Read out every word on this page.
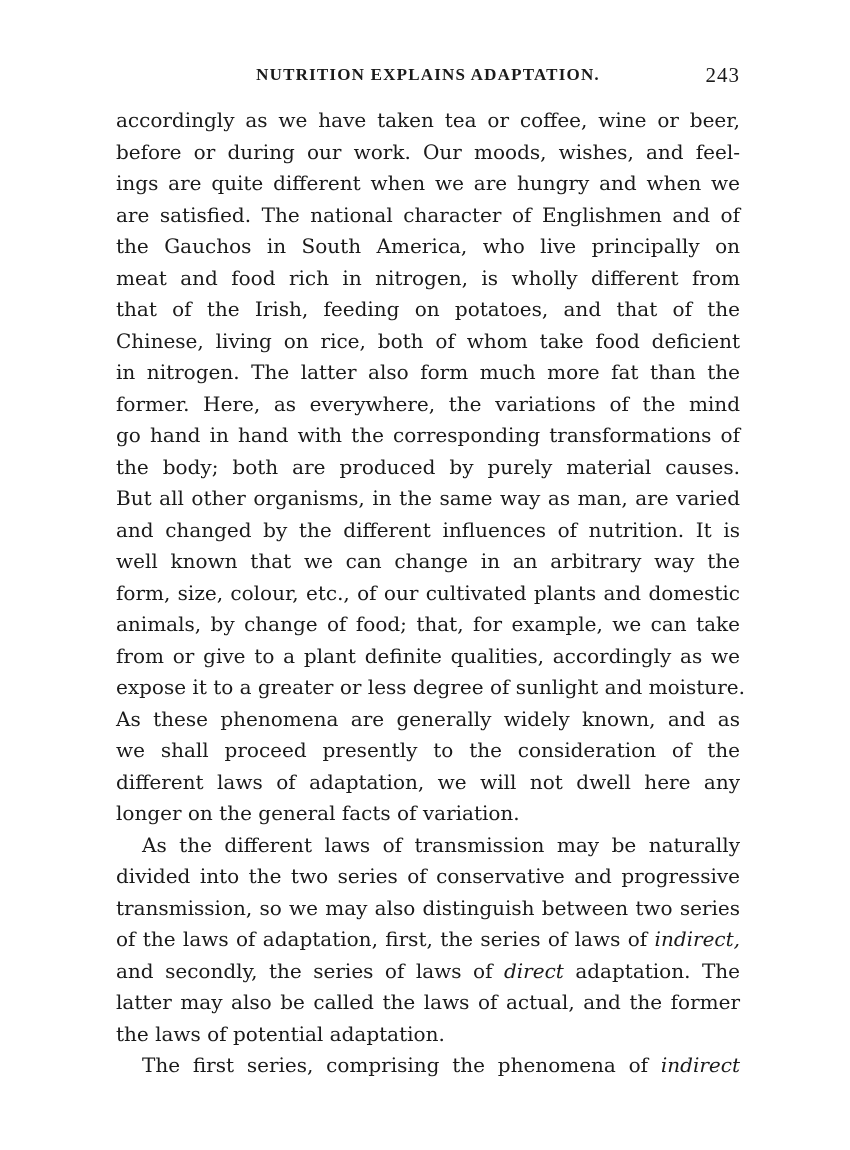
NUTRITION EXPLAINS ADAPTATION.	243
accordingly as we have taken tea or coffee, wine or beer,
before or during our work. Our moods, wishes, and feel-
ings are quite different when we are hungry and when we
are satisfied. The national character of Englishmen and of
the Gauchos in South America, who live principally on
meat and food rich in nitrogen, is wholly different from
that of the Irish, feeding on potatoes, and that of the
Chinese, living on rice, both of whom take food deficient
in nitrogen. The latter also form much more fat than the
former. Here, as everywhere, the variations of the mind
go hand in hand with the corresponding transformations of
the body; both are produced by purely material causes.
But all other organisms, in the same way as man, are varied
and changed by the different influences of nutrition. It is
well known that we can change in an arbitrary way the
form, size, colour, etc., of our cultivated plants and domestic
animals, by change of food; that, for example, we can take
from or give to a plant definite qualities, accordingly as we
expose it to a greater or less degree of sunlight and moisture.
As these phenomena are generally widely known, and as
we shall proceed presently to the consideration of the
different laws of adaptation, we will not dwell here any
longer on the general facts of variation.
As the different laws of transmission may be naturally
divided into the two series of conservative and progressive
transmission, so we may also distinguish between two series
of the laws of adaptation, first, the series of laws of indirect,
and secondly, the series of laws of direct adaptation. The
latter may also be called the laws of actual, and the former
the laws of potential adaptation.
The first series, comprising the phenomena of indirect
